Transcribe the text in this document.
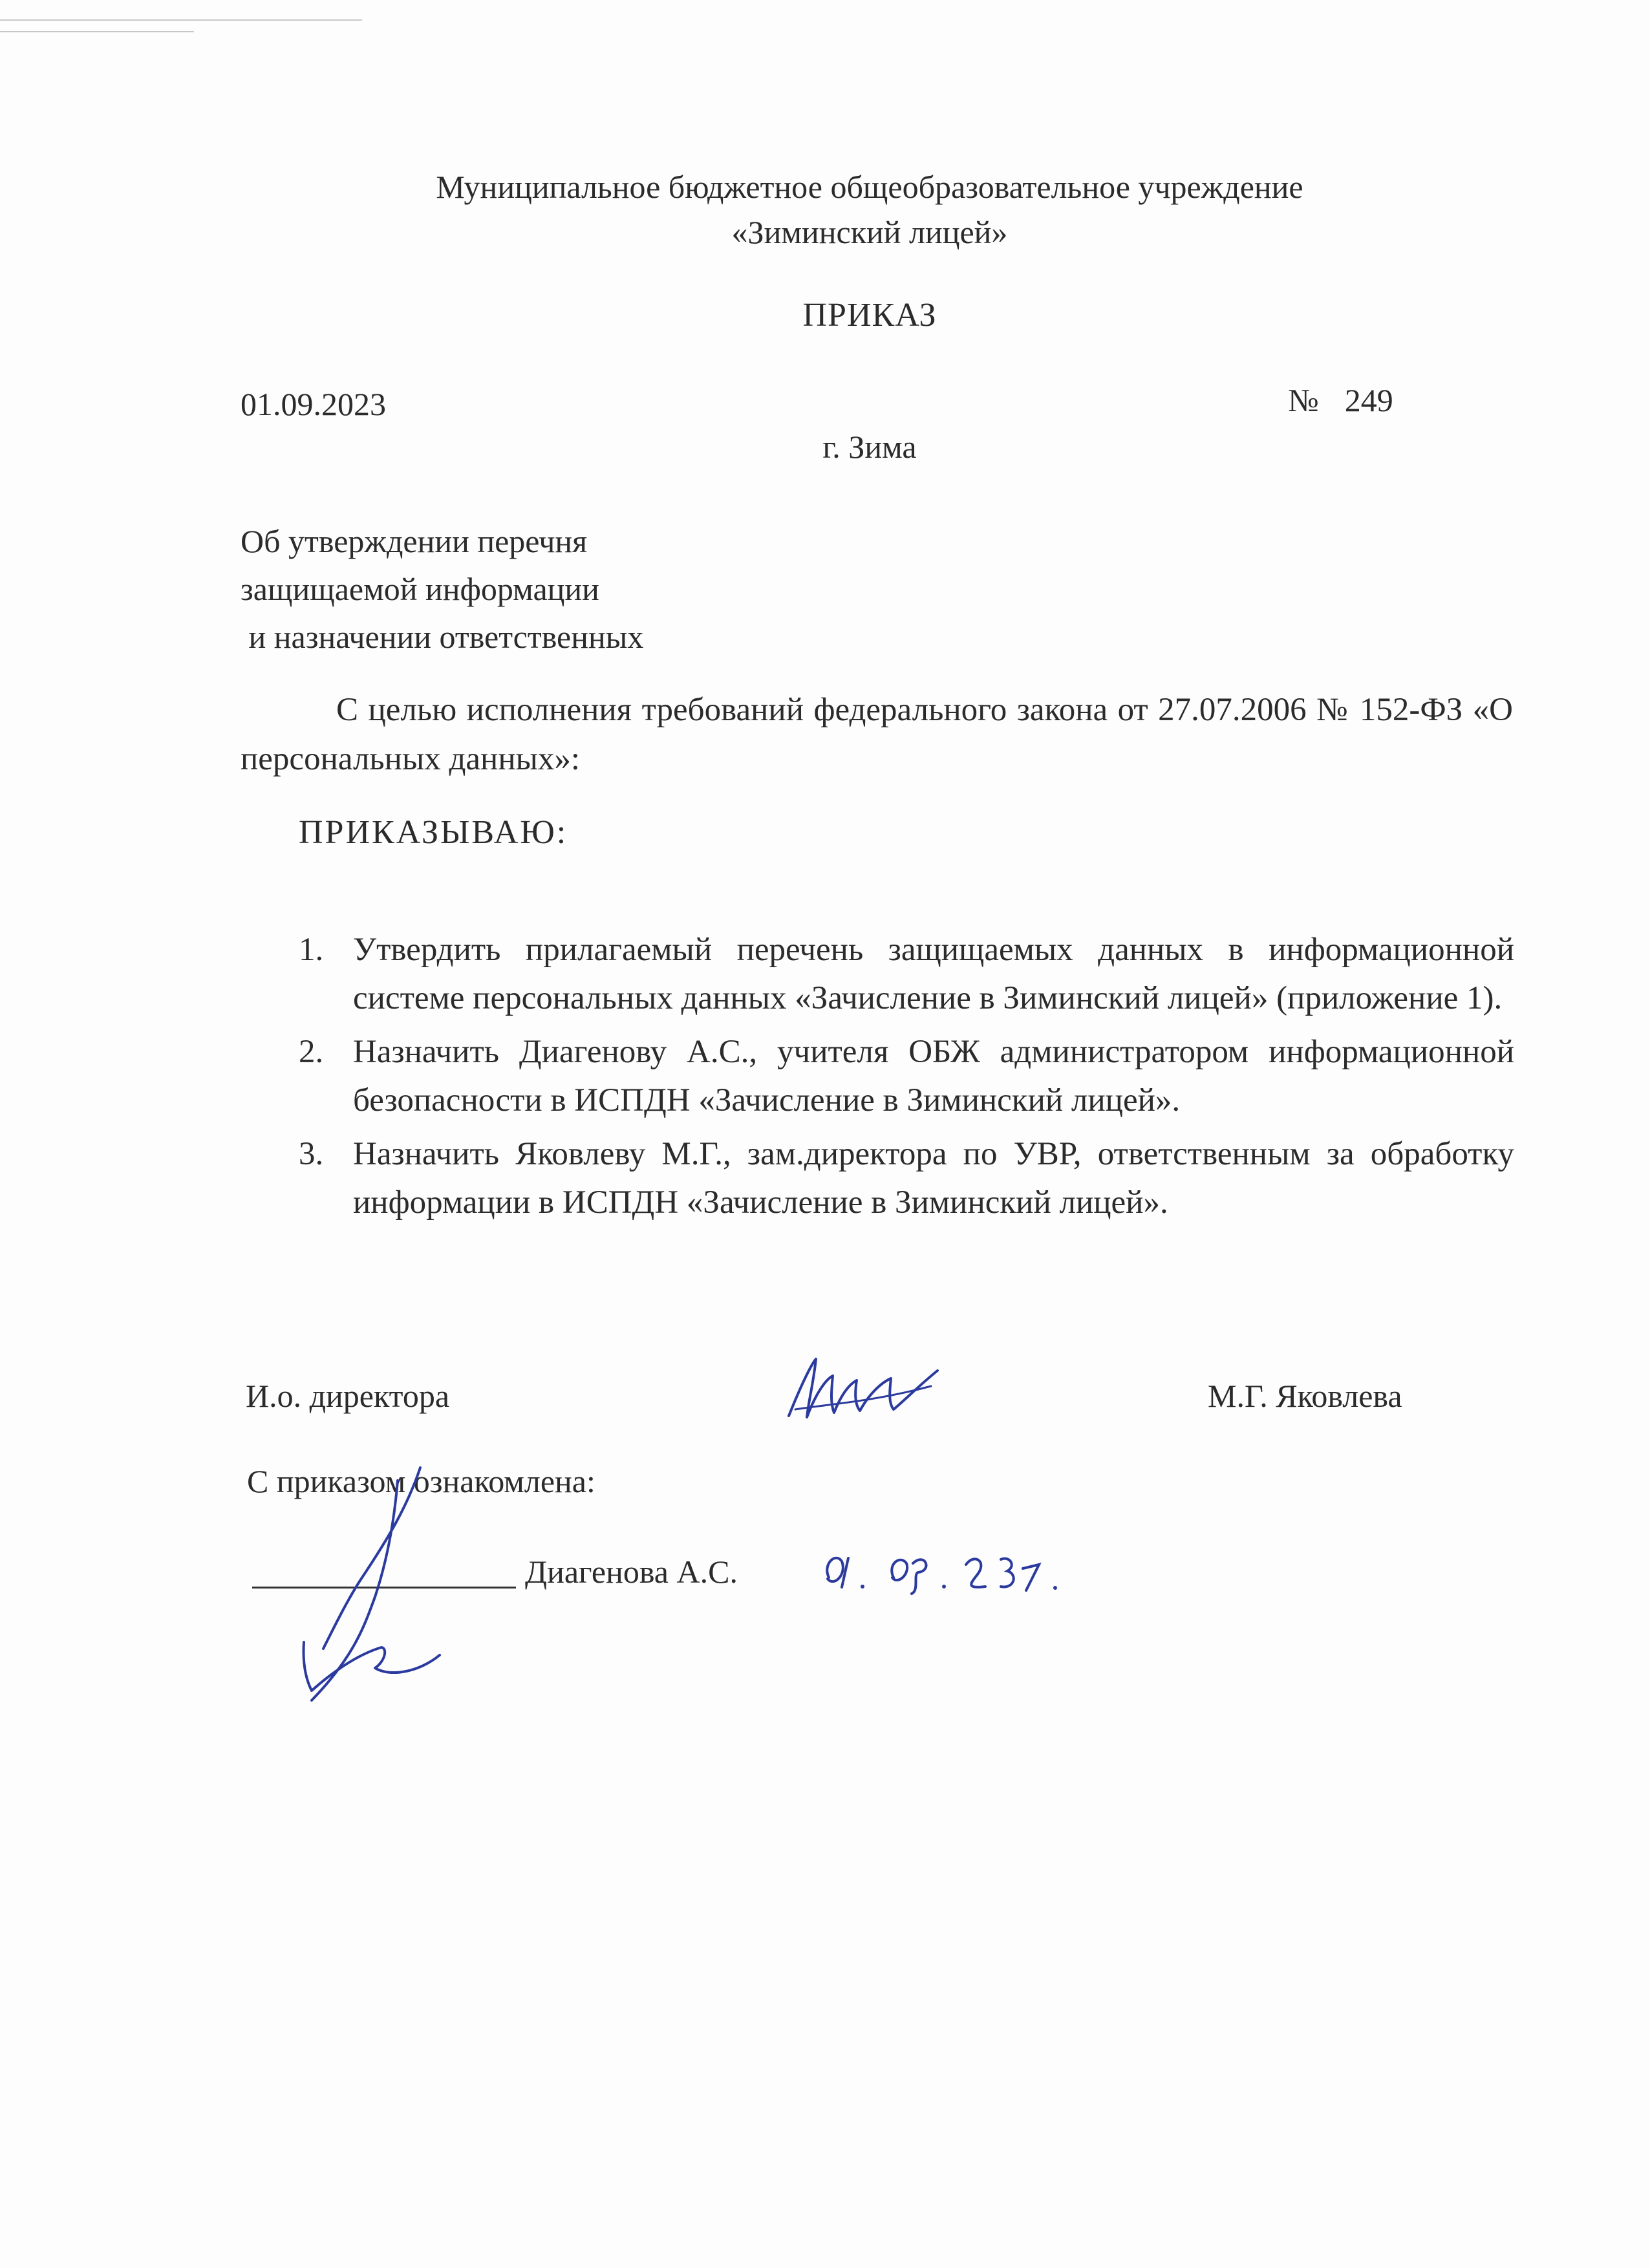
Муниципальное бюджетное общеобразовательное учреждение
«Зиминский лицей»
ПРИКАЗ
01.09.2023	№ 249
г. Зима
Об утверждении перечня
защищаемой информации
и назначении ответственных
С целью исполнения требований федерального закона от 27.07.2006 № 152-ФЗ «О персональных данных»:
ПРИКАЗЫВАЮ:
1. Утвердить прилагаемый перечень защищаемых данных в информационной системе персональных данных «Зачисление в Зиминский лицей» (приложение 1).
2. Назначить Диагенову А.С., учителя ОБЖ администратором информационной безопасности в ИСПДН «Зачисление в Зиминский лицей».
3. Назначить Яковлеву М.Г., зам.директора по УВР, ответственным за обработку информации в ИСПДН «Зачисление в Зиминский лицей».
И.о. директора	М.Г. Яковлева
С приказом ознакомлена:
Диагенова А.С.
